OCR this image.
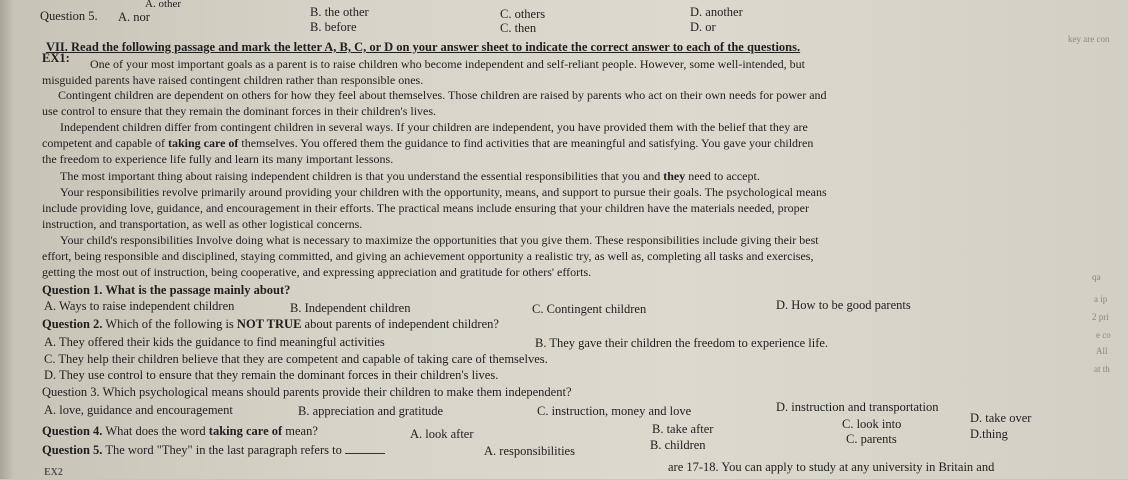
A. other
Question 5. A. nor	B. the other
B. before
C. others
C. then
D. another
D. or
key are con
VII. Read the following passage and mark the letter A, B, C, or D on your answer sheet to indicate the correct answer to each of the questions.
EX1: One of your most important goals as a parent is to raise children who become independent and self-reliant people. However, some well-intended, but
misguided parents have raised contingent children rather than responsible ones.
Contingent children are dependent on others for how they feel about themselves. Those children are raised by parents who act on their own needs for power and
use control to ensure that they remain the dominant forces in their children's lives.
Independent children differ from contingent children in several ways. If your children are independent, you have provided them with the belief that they are
competent and capable of taking care of themselves. You offered them the guidance to find activities that are meaningful and satisfying. You gave your children
the freedom to experience life fully and learn its many important lessons.
The most important thing about raising independent children is that you understand the essential responsibilities that you and they need to accept.
Your responsibilities revolve primarily around providing your children with the opportunity, means, and support to pursue their goals. The psychological means
include providing love, guidance, and encouragement in their efforts. The practical means include ensuring that your children have the materials needed, proper
instruction, and transportation, as well as other logistical concerns.
Your child's responsibilities Involve doing what is necessary to maximize the opportunities that you give them. These responsibilities include giving their best
effort, being responsible and disciplined, staying committed, and giving an achievement opportunity a realistic try, as well as, completing all tasks and exercises,
getting the most out of instruction, being cooperative, and expressing appreciation and gratitude for others' efforts.
Question 1. What is the passage mainly about?
A. Ways to raise independent children	B. Independent children	C. Contingent children	D. How to be good parents
Question 2. Which of the following is NOT TRUE about parents of independent children?
A. They offered their kids the guidance to find meaningful activities	B. They gave their children the freedom to experience life.
C. They help their children believe that they are competent and capable of taking care of themselves.
D. They use control to ensure that they remain the dominant forces in their children's lives.
Question 3. Which psychological means should parents provide their children to make them independent?
A. love, guidance and encouragement	B. appreciation and gratitude	C. instruction, money and love	D. instruction and transportation
Question 4. What does the word taking care of mean?	A. look after	B. take after	C. look into	D. take over
Question 5. The word "They" in the last paragraph refers to	A. responsibilities	B. children	C. parents	D.thing
EX2	are 17-18. You can apply to study at any university in Britain and
qa
a ip
2 pri
e co
All
at th
